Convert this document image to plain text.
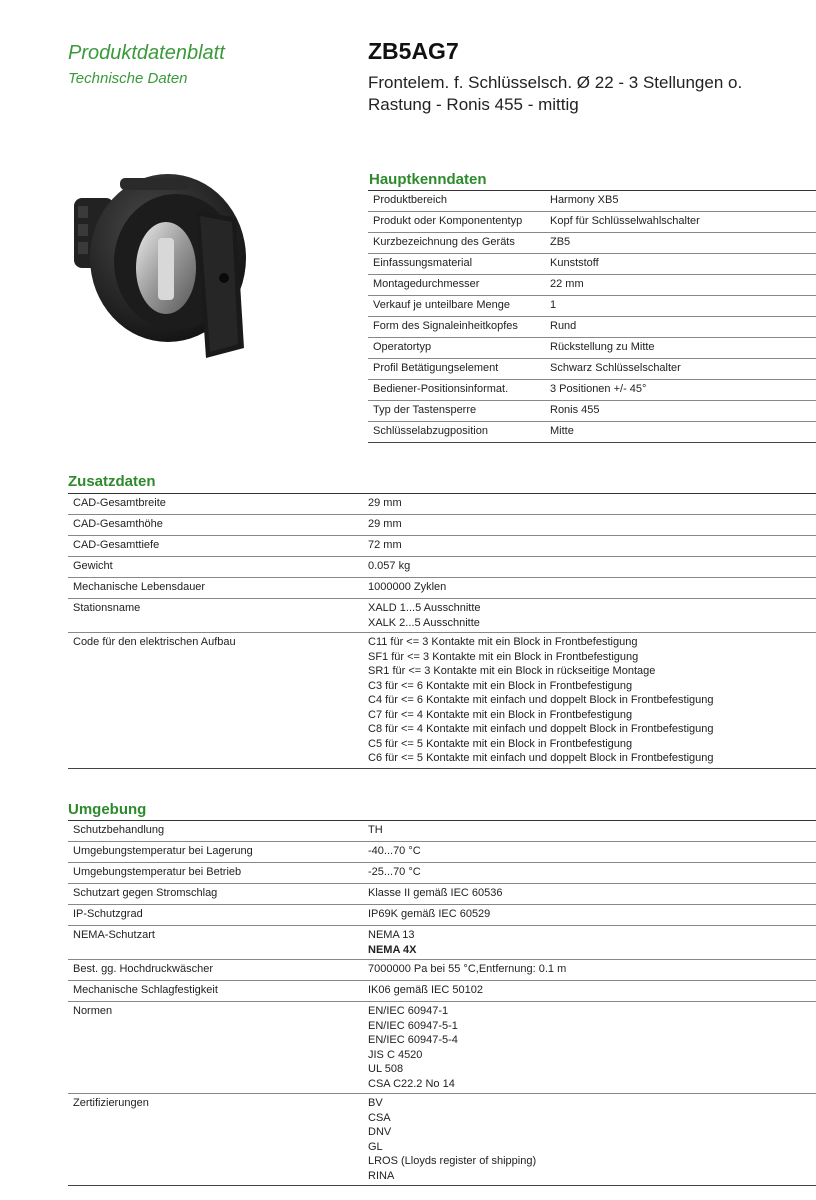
Produktdatenblatt
Technische Daten
ZB5AG7
Frontelem. f. Schlüsselsch. Ø 22 - 3 Stellungen o. Rastung - Ronis 455 - mittig
Hauptkenndaten
Produktbereich	Harmony XB5
Produkt oder Komponententyp	Kopf für Schlüsselwahlschalter
Kurzbezeichnung des Geräts	ZB5
Einfassungsmaterial	Kunststoff
Montagedurchmesser	22 mm
Verkauf je unteilbare Menge	1
Form des Signaleinheitkopfes	Rund
Operatortyp	Rückstellung zu Mitte
Profil Betätigungselement	Schwarz Schlüsselschalter
Bediener-Positionsinformat.	3 Positionen +/- 45°
Typ der Tastensperre	Ronis 455
Schlüsselabzugposition	Mitte
Zusatzdaten
CAD-Gesamtbreite	29 mm
CAD-Gesamthöhe	29 mm
CAD-Gesamttiefe	72 mm
Gewicht	0.057 kg
Mechanische Lebensdauer	1000000 Zyklen
Stationsname	XALD 1...5 Ausschnitte
XALK 2...5 Ausschnitte
Code für den elektrischen Aufbau	C11 für <= 3 Kontakte mit ein Block in Frontbefestigung
SF1 für <= 3 Kontakte mit ein Block in Frontbefestigung
SR1 für <= 3 Kontakte mit ein Block in rückseitige Montage
C3 für <= 6 Kontakte mit ein Block in Frontbefestigung
C4 für <= 6 Kontakte mit einfach und doppelt Block in Frontbefestigung
C7 für <= 4 Kontakte mit ein Block in Frontbefestigung
C8 für <= 4 Kontakte mit einfach und doppelt Block in Frontbefestigung
C5 für <= 5 Kontakte mit ein Block in Frontbefestigung
C6 für <= 5 Kontakte mit einfach und doppelt Block in Frontbefestigung
Umgebung
Schutzbehandlung	TH
Umgebungstemperatur bei Lagerung	-40...70 °C
Umgebungstemperatur bei Betrieb	-25...70 °C
Schutzart gegen Stromschlag	Klasse II gemäß IEC 60536
IP-Schutzgrad	IP69K gemäß IEC 60529
NEMA-Schutzart	NEMA 13
NEMA 4X
Best. gg. Hochdruckwäscher	7000000 Pa bei 55 °C,Entfernung: 0.1 m
Mechanische Schlagfestigkeit	IK06 gemäß IEC 50102
Normen	EN/IEC 60947-1
EN/IEC 60947-5-1
EN/IEC 60947-5-4
JIS C 4520
UL 508
CSA C22.2 No 14
Zertifizierungen	BV
CSA
DNV
GL
LROS (Lloyds register of shipping)
RINA
